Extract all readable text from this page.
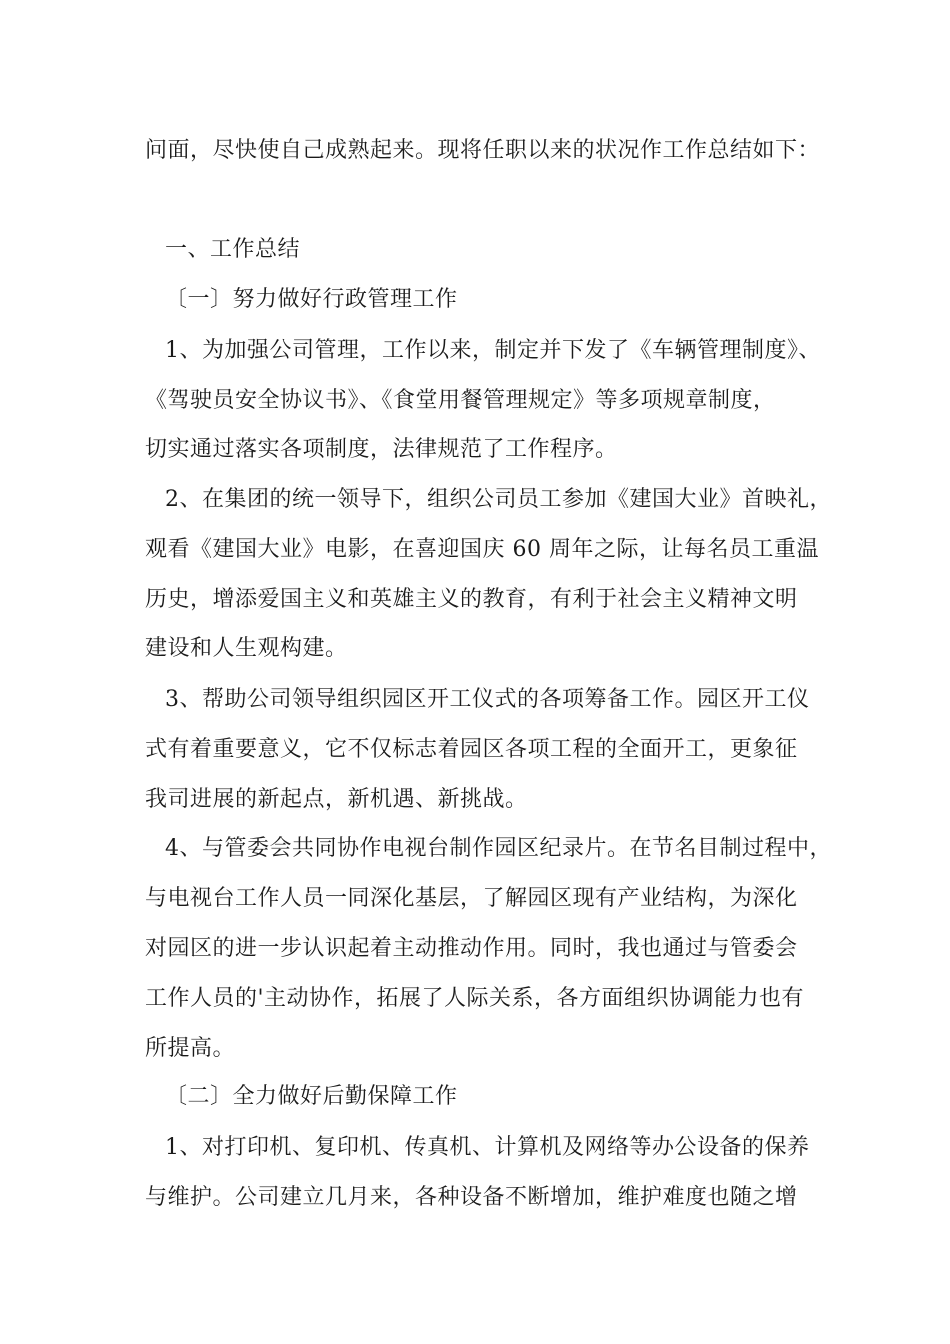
问面，尽快使自己成熟起来。现将任职以来的状况作工作总结如下：
一、工作总结
〔一〕努力做好行政管理工作
1、为加强公司管理，工作以来，制定并下发了《车辆管理制度》、
《驾驶员安全协议书》、《食堂用餐管理规定》等多项规章制度，
切实通过落实各项制度，法律规范了工作程序。
2、在集团的统一领导下，组织公司员工参加《建国大业》首映礼，
观看《建国大业》电影，在喜迎国庆 60 周年之际，让每名员工重温
历史，增添爱国主义和英雄主义的教育，有利于社会主义精神文明
建设和人生观构建。
3、帮助公司领导组织园区开工仪式的各项筹备工作。园区开工仪
式有着重要意义，它不仅标志着园区各项工程的全面开工，更象征
我司进展的新起点，新机遇、新挑战。
4、与管委会共同协作电视台制作园区纪录片。在节名目制过程中，
与电视台工作人员一同深化基层，了解园区现有产业结构，为深化
对园区的进一步认识起着主动推动作用。同时，我也通过与管委会
工作人员的'主动协作，拓展了人际关系，各方面组织协调能力也有
所提高。
〔二〕全力做好后勤保障工作
1、对打印机、复印机、传真机、计算机及网络等办公设备的保养
与维护。公司建立几月来，各种设备不断增加，维护难度也随之增
